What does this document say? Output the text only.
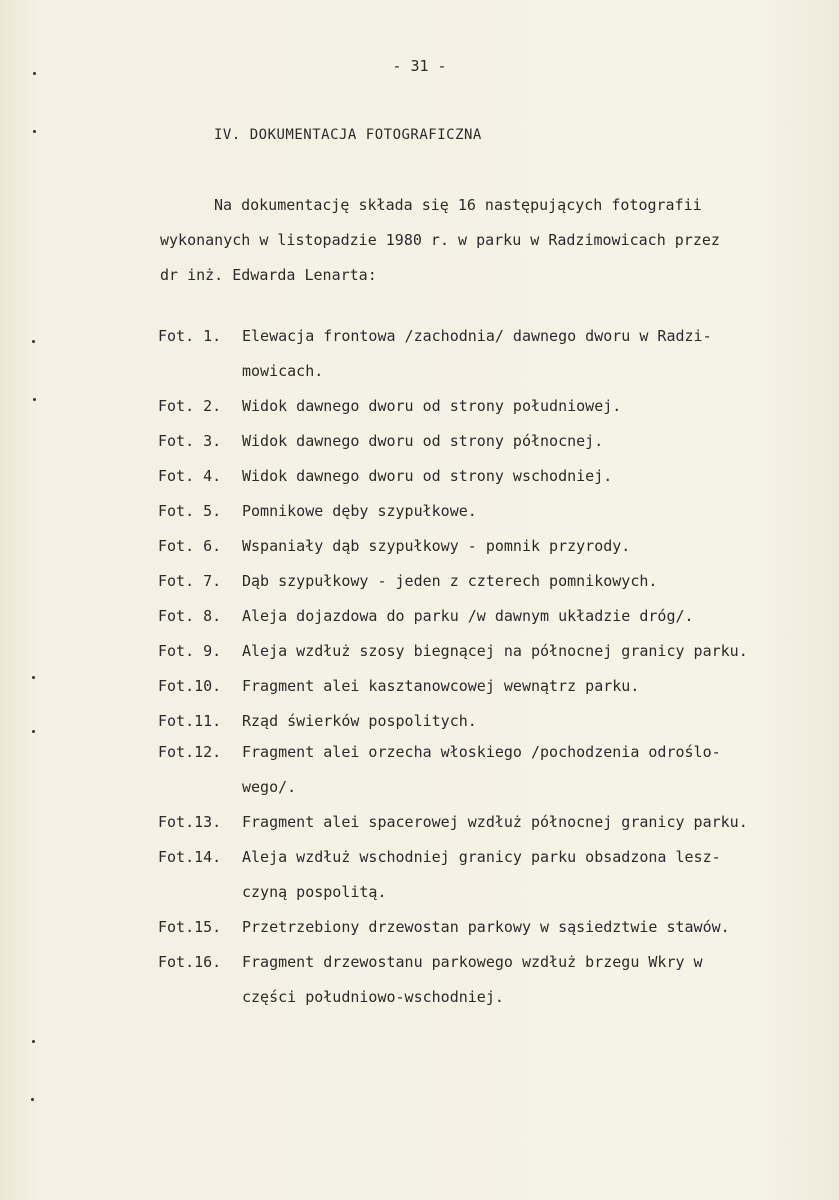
- 31 -
IV. DOKUMENTACJA FOTOGRAFICZNA
Na dokumentację składa się 16 następujących fotografii
wykonanych w listopadzie 1980 r. w parku w Radzimowicach przez
dr inż. Edwarda Lenarta:
Fot. 1.	Elewacja frontowa /zachodnia/ dawnego dworu w Radzi-
mowicach.
Fot. 2.	Widok dawnego dworu od strony południowej.
Fot. 3.	Widok dawnego dworu od strony północnej.
Fot. 4.	Widok dawnego dworu od strony wschodniej.
Fot. 5.	Pomnikowe dęby szypułkowe.
Fot. 6.	Wspaniały dąb szypułkowy - pomnik przyrody.
Fot. 7.	Dąb szypułkowy - jeden z czterech pomnikowych.
Fot. 8.	Aleja dojazdowa do parku /w dawnym układzie dróg/.
Fot. 9.	Aleja wzdłuż szosy biegnącej na północnej granicy parku.
Fot.10.	Fragment alei kasztanowcowej wewnątrz parku.
Fot.11.	Rząd świerków pospolitych.
Fot.12.	Fragment alei orzecha włoskiego /pochodzenia odroślo-
wego/.
Fot.13.	Fragment alei spacerowej wzdłuż północnej granicy parku.
Fot.14.	Aleja wzdłuż wschodniej granicy parku obsadzona lesz-
czyną pospolitą.
Fot.15.	Przetrzebiony drzewostan parkowy w sąsiedztwie stawów.
Fot.16.	Fragment drzewostanu parkowego wzdłuż brzegu Wkry w
części południowo-wschodniej.
